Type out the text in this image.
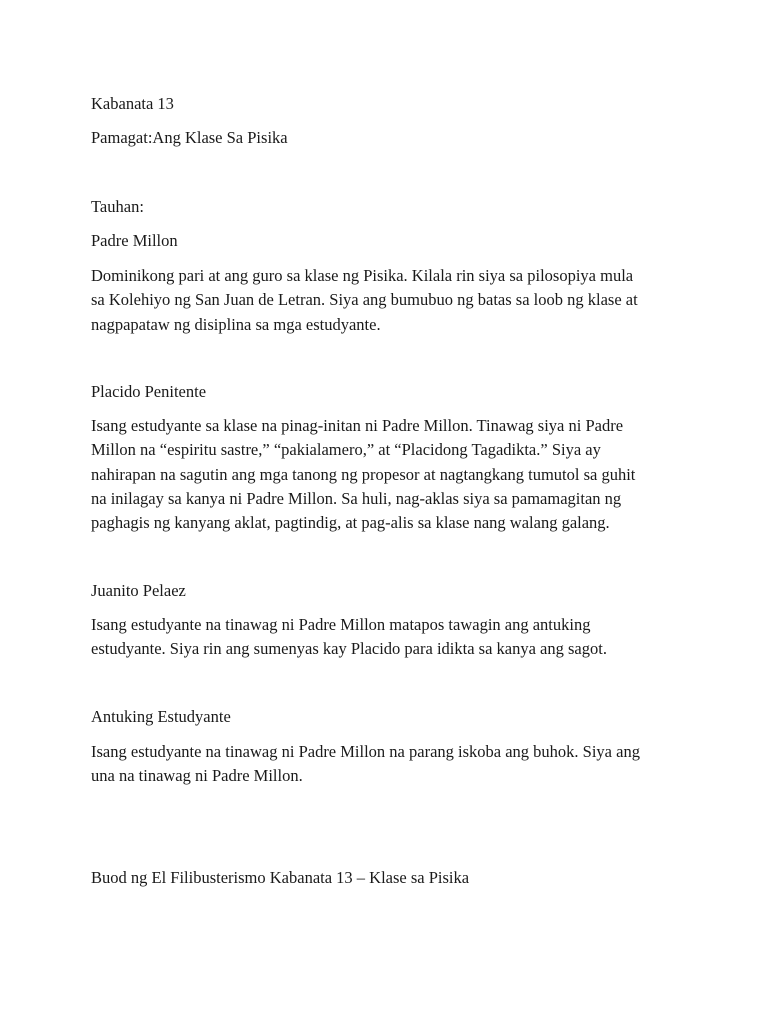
Kabanata 13

Pamagat:Ang Klase Sa Pisika

Tauhan:

Padre Millon

Dominikong pari at ang guro sa klase ng Pisika. Kilala rin siya sa pilosopiya mula
sa Kolehiyo ng San Juan de Letran. Siya ang bumubuo ng batas sa loob ng klase at
nagpapataw ng disiplina sa mga estudyante.

Placido Penitente

Isang estudyante sa klase na pinag-initan ni Padre Millon. Tinawag siya ni Padre
Millon na “espiritu sastre,” “pakialamero,” at “Placidong Tagadikta.” Siya ay
nahirapan na sagutin ang mga tanong ng propesor at nagtangkang tumutol sa guhit
na inilagay sa kanya ni Padre Millon. Sa huli, nag-aklas siya sa pamamagitan ng
paghagis ng kanyang aklat, pagtindig, at pag-alis sa klase nang walang galang.

Juanito Pelaez

Isang estudyante na tinawag ni Padre Millon matapos tawagin ang antuking
estudyante. Siya rin ang sumenyas kay Placido para idikta sa kanya ang sagot.

Antuking Estudyante

Isang estudyante na tinawag ni Padre Millon na parang iskoba ang buhok. Siya ang
una na tinawag ni Padre Millon.

Buod ng El Filibusterismo Kabanata 13 – Klase sa Pisika
